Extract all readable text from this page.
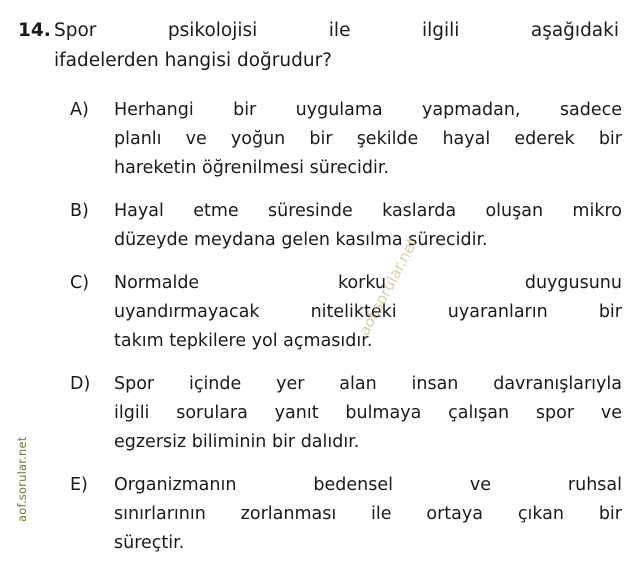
aof.sorular.net
14. Spor psikolojisi ile ilgili aşağıdaki
ifadelerden hangisi doğrudur?
A)	Herhangi bir uygulama yapmadan, sadece
planlı ve yoğun bir şekilde hayal ederek bir
hareketin öğrenilmesi sürecidir.
B)	Hayal etme süresinde kaslarda oluşan mikro
düzeyde meydana gelen kasılma sürecidir.
C)	Normalde korku duygusunu
uyandırmayacak nitelikteki uyaranların bir
takım tepkilere yol açmasıdır.
D)	Spor içinde yer alan insan davranışlarıyla
ilgili sorulara yanıt bulmaya çalışan spor ve
egzersiz biliminin bir dalıdır.
E)	Organizmanın bedensel ve ruhsal
sınırlarının zorlanması ile ortaya çıkan bir
süreçtir.
aof.sorular.net
